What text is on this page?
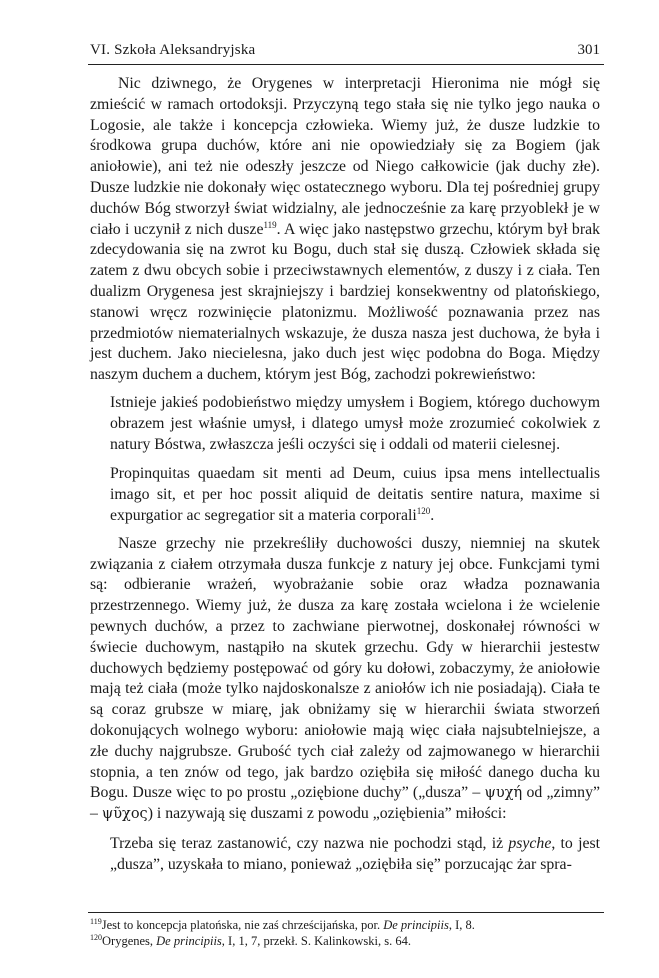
VI. Szkoła Aleksandryjska	301

Nic dziwnego, że Orygenes w interpretacji Hieronima nie mógł się zmieścić w ramach ortodoksji. Przyczyną tego stała się nie tylko jego nauka o Logosie, ale także i koncepcja człowieka. Wiemy już, że dusze ludzkie to środkowa grupa duchów, które ani nie opowiedziały się za Bogiem (jak aniołowie), ani też nie odeszły jeszcze od Niego całkowicie (jak duchy złe). Dusze ludzkie nie dokonały więc ostatecznego wyboru. Dla tej pośredniej grupy duchów Bóg stworzył świat widzialny, ale jednocześnie za karę przyoblekł je w ciało i uczynił z nich dusze$^{119}$. A więc jako następstwo grzechu, którym był brak zdecydowania się na zwrot ku Bogu, duch stał się duszą. Człowiek składa się zatem z dwu obcych sobie i przeciwstawnych elementów, z duszy i z ciała. Ten dualizm Orygenesa jest skrajniejszy i bardziej konsekwentny od platońskiego, stanowi wręcz rozwinięcie platonizmu. Możliwość poznawania przez nas przedmiotów niematerialnych wskazuje, że dusza nasza jest duchowa, że była i jest duchem. Jako niecielesna, jako duch jest więc podobna do Boga. Między naszym duchem a duchem, którym jest Bóg, zachodzi pokrewieństwo:

Istnieje jakieś podobieństwo między umysłem i Bogiem, którego duchowym obrazem jest właśnie umysł, i dlatego umysł może zrozumieć cokolwiek z natury Bóstwa, zwłaszcza jeśli oczyści się i oddali od materii cielesnej.

Propinquitas quaedam sit menti ad Deum, cuius ipsa mens intellectualis imago sit, et per hoc possit aliquid de deitatis sentire natura, maxime si expurgatior ac segregatior sit a materia corporali$^{120}$.

Nasze grzechy nie przekreśliły duchowości duszy, niemniej na skutek związania z ciałem otrzymała dusza funkcje z natury jej obce. Funkcjami tymi są: odbieranie wrażeń, wyobrażanie sobie oraz władza poznawania przestrzennego. Wiemy już, że dusza za karę została wcielona i że wcielenie pewnych duchów, a przez to zachwiane pierwotnej, doskonałej równości w świecie duchowym, nastąpiło na skutek grzechu. Gdy w hierarchii jestestw duchowych będziemy postępować od góry ku dołowi, zobaczymy, że aniołowie mają też ciała (może tylko najdoskonalsze z aniołów ich nie posiadają). Ciała te są coraz grubsze w miarę, jak obniżamy się w hierarchii świata stworzeń dokonujących wolnego wyboru: aniołowie mają więc ciała najsubtelniejsze, a złe duchy najgrubsze. Grubość tych ciał zależy od zajmowanego w hierarchii stopnia, a ten znów od tego, jak bardzo oziębiła się miłość danego ducha ku Bogu. Dusze więc to po prostu „oziębione duchy” („dusza” – ψυχή od „zimny” – ψῦχος) i nazywają się duszami z powodu „oziębienia” miłości:

Trzeba się teraz zastanowić, czy nazwa nie pochodzi stąd, iż psyche, to jest „dusza”, uzyskała to miano, ponieważ „oziębiła się” porzucając żar spra-

$^{119}$Jest to koncepcja platońska, nie zaś chrześcijańska, por. De principiis, I, 8.
$^{120}$Orygenes, De principiis, I, 1, 7, przekł. S. Kalinkowski, s. 64.
